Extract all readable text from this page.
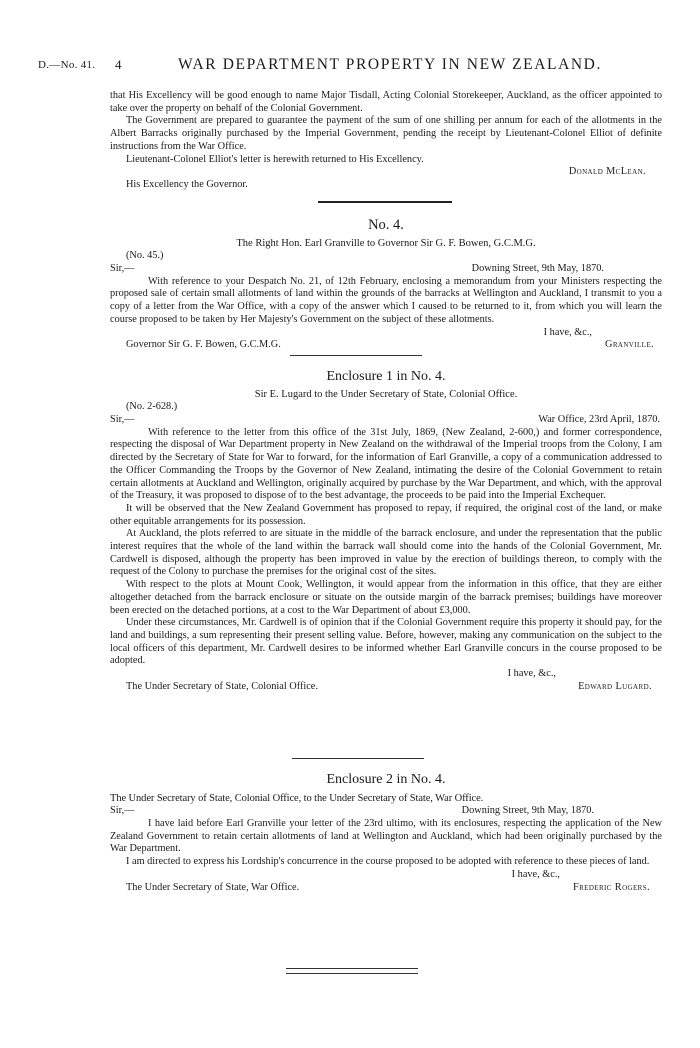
D.—No. 41. 4	WAR DEPARTMENT PROPERTY IN NEW ZEALAND.

that His Excellency will be good enough to name Major Tisdall, Acting Colonial Storekeeper, Auckland, as the officer appointed to take over the property on behalf of the Colonial Government.

The Government are prepared to guarantee the payment of the sum of one shilling per annum for each of the allotments in the Albert Barracks originally purchased by the Imperial Government, pending the receipt by Lieutenant-Colonel Elliot of definite instructions from the War Office.

Lieutenant-Colonel Elliot's letter is herewith returned to His Excellency.

Donald McLean.

His Excellency the Governor.

No. 4.

The Right Hon. Earl Granville to Governor Sir G. F. Bowen, G.C.M.G.

(No. 45.)

Sir,—	Downing Street, 9th May, 1870.

With reference to your Despatch No. 21, of 12th February, enclosing a memorandum from your Ministers respecting the proposed sale of certain small allotments of land within the grounds of the barracks at Wellington and Auckland, I transmit to you a copy of a letter from the War Office, with a copy of the answer which I caused to be returned to it, from which you will learn the course proposed to be taken by Her Majesty's Government on the subject of these allotments.

I have, &c.,

Governor Sir G. F. Bowen, G.C.M.G.	Granville.
Enclosure 1 in No. 4.

Sir E. Lugard to the Under Secretary of State, Colonial Office.

(No. 2-628.)

Sir,—	War Office, 23rd April, 1870.

With reference to the letter from this office of the 31st July, 1869, (New Zealand, 2-600,) and former correspondence, respecting the disposal of War Department property in New Zealand on the withdrawal of the Imperial troops from the Colony, I am directed by the Secretary of State for War to forward, for the information of Earl Granville, a copy of a communication addressed to the Officer Commanding the Troops by the Governor of New Zealand, intimating the desire of the Colonial Government to retain certain allotments at Auckland and Wellington, originally acquired by purchase by the War Department, and which, with the approval of the Treasury, it was proposed to dispose of to the best advantage, the proceeds to be paid into the Imperial Exchequer.

It will be observed that the New Zealand Government has proposed to repay, if required, the original cost of the land, or make other equitable arrangements for its possession.

At Auckland, the plots referred to are situate in the middle of the barrack enclosure, and under the representation that the public interest requires that the whole of the land within the barrack wall should come into the hands of the Colonial Government, Mr. Cardwell is disposed, although the property has been improved in value by the erection of buildings thereon, to comply with the request of the Colony to purchase the premises for the original cost of the sites.

With respect to the plots at Mount Cook, Wellington, it would appear from the information in this office, that they are either altogether detached from the barrack enclosure or situate on the outside margin of the barrack premises; buildings have moreover been erected on the detached portions, at a cost to the War Department of about £3,000.

Under these circumstances, Mr. Cardwell is of opinion that if the Colonial Government require this property it should pay, for the land and buildings, a sum representing their present selling value. Before, however, making any communication on the subject to the local officers of this department, Mr. Cardwell desires to be informed whether Earl Granville concurs in the course proposed to be adopted.

I have, &c.,

The Under Secretary of State, Colonial Office.	Edward Lugard.
Enclosure 2 in No. 4.

The Under Secretary of State, Colonial Office, to the Under Secretary of State, War Office.

Sir,—	Downing Street, 9th May, 1870.

I have laid before Earl Granville your letter of the 23rd ultimo, with its enclosures, respecting the application of the New Zealand Government to retain certain allotments of land at Wellington and Auckland, which had been originally purchased by the War Department.

I am directed to express his Lordship's concurrence in the course proposed to be adopted with reference to these pieces of land.

I have, &c.,

The Under Secretary of State, War Office.	Frederic Rogers.
